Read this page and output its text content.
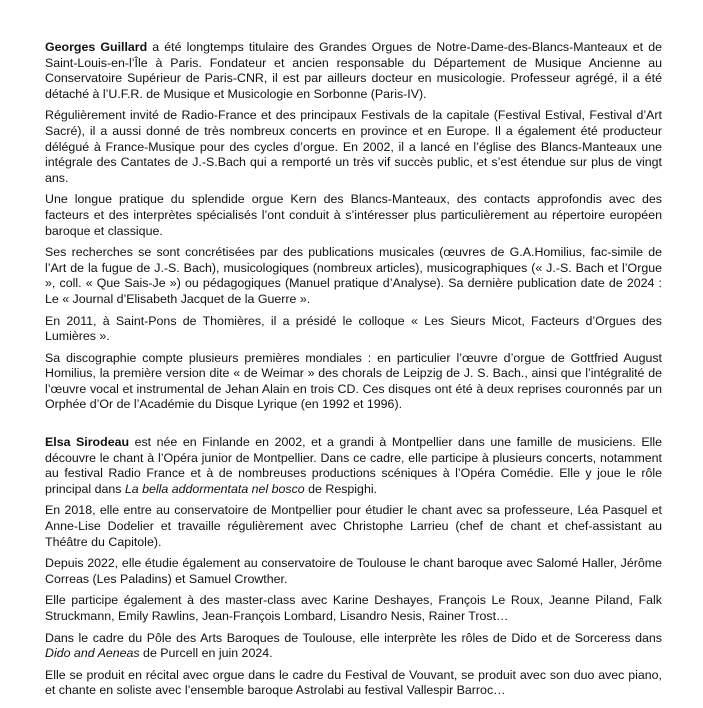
Georges Guillard a été longtemps titulaire des Grandes Orgues de Notre-Dame-des-Blancs-Manteaux et de Saint-Louis-en-l’Île à Paris. Fondateur et ancien responsable du Département de Musique Ancienne au Conservatoire Supérieur de Paris-CNR, il est par ailleurs docteur en musicologie. Professeur agrégé, il a été détaché à l’U.F.R. de Musique et Musicologie en Sorbonne (Paris-IV).

Régulièrement invité de Radio-France et des principaux Festivals de la capitale (Festival Estival, Festival d’Art Sacré), il a aussi donné de très nombreux concerts en province et en Europe. Il a également été producteur délégué à France-Musique pour des cycles d’orgue. En 2002, il a lancé en l’église des Blancs-Manteaux une intégrale des Cantates de J.-S.Bach qui a remporté un très vif succès public, et s’est étendue sur plus de vingt ans.

Une longue pratique du splendide orgue Kern des Blancs-Manteaux, des contacts approfondis avec des facteurs et des interprètes spécialisés l’ont conduit à s’intéresser plus particulièrement au répertoire européen baroque et classique.

Ses recherches se sont concrétisées par des publications musicales (œuvres de G.A.Homilius, fac-simile de l’Art de la fugue de J.-S. Bach), musicologiques (nombreux articles), musicographiques (« J.-S. Bach et l’Orgue », coll. « Que Sais-Je ») ou pédagogiques (Manuel pratique d’Analyse). Sa dernière publication date de 2024 : Le « Journal d’Elisabeth Jacquet de la Guerre ».

En 2011, à Saint-Pons de Thomières, il a présidé le colloque « Les Sieurs Micot, Facteurs d’Orgues des Lumières ».

Sa discographie compte plusieurs premières mondiales : en particulier l’œuvre d’orgue de Gottfried August Homilius, la première version dite « de Weimar » des chorals de Leipzig de J. S. Bach., ainsi que l’intégralité de l’œuvre vocal et instrumental de Jehan Alain en trois CD. Ces disques ont été à deux reprises couronnés par un Orphée d’Or de l’Académie du Disque Lyrique (en 1992 et 1996).

Elsa Sirodeau est née en Finlande en 2002, et a grandi à Montpellier dans une famille de musiciens. Elle découvre le chant à l’Opéra junior de Montpellier. Dans ce cadre, elle participe à plusieurs concerts, notamment au festival Radio France et à de nombreuses productions scéniques à l’Opéra Comédie. Elle y joue le rôle principal dans La bella addormentata nel bosco de Respighi.

En 2018, elle entre au conservatoire de Montpellier pour étudier le chant avec sa professeure, Léa Pasquel et Anne-Lise Dodelier et travaille régulièrement avec Christophe Larrieu (chef de chant et chef-assistant au Théâtre du Capitole).

Depuis 2022, elle étudie également au conservatoire de Toulouse le chant baroque avec Salomé Haller, Jérôme Correas (Les Paladins) et Samuel Crowther.

Elle participe également à des master-class avec Karine Deshayes, François Le Roux, Jeanne Piland, Falk Struckmann, Emily Rawlins, Jean-François Lombard, Lisandro Nesis, Rainer Trost…

Dans le cadre du Pôle des Arts Baroques de Toulouse, elle interprète les rôles de Dido et de Sorceress dans Dido and Aeneas de Purcell en juin 2024.

Elle se produit en récital avec orgue dans le cadre du Festival de Vouvant, se produit avec son duo avec piano, et chante en soliste avec l’ensemble baroque Astrolabi au festival Vallespir Barroc…
